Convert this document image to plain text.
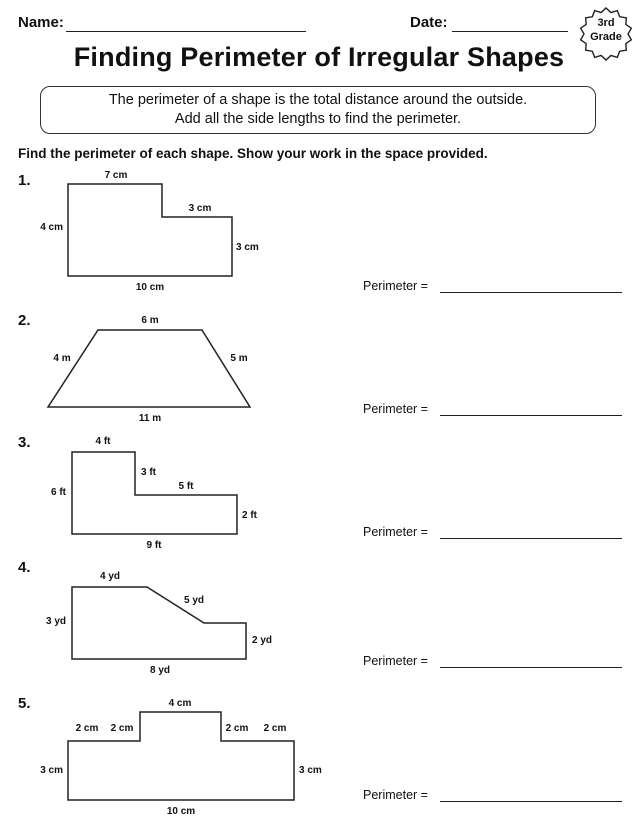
Name:	Date:	3rd
Grade
Finding Perimeter of Irregular Shapes
The perimeter of a shape is the total distance around the outside.
Add all the side lengths to find the perimeter.
Find the perimeter of each shape. Show your work in the space provided.
1.	7 cm
3 cm
4 cm
3 cm
10 cm	Perimeter =
2.	6 m
4 m	5 m
11 m
Perimeter =
3.	4 ft
3 ft
5 ft
6 ft
2 ft
9 ft
Perimeter =
4.
4 yd
5 yd
3 yd
2 yd
8 yd
Perimeter =
5.	4 cm
2 cm 2 cm	2 cm 2 cm
3 cm	3 cm
10 cm
Perimeter =
